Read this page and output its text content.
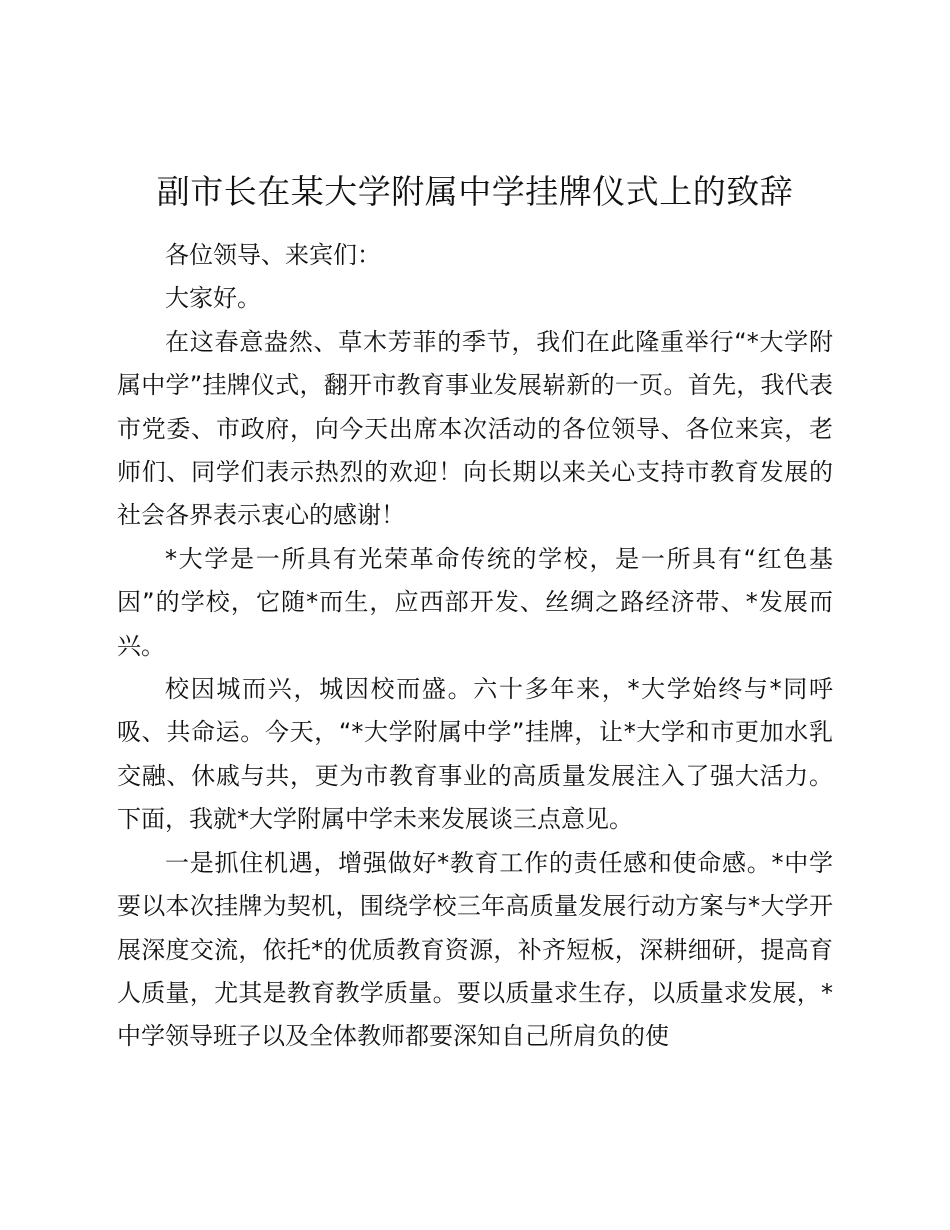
副市长在某大学附属中学挂牌仪式上的致辞

各位领导、来宾们：

大家好。

在这春意盎然、草木芳菲的季节，我们在此隆重举行“*大学附属中学”挂牌仪式，翻开市教育事业发展崭新的一页。首先，我代表市党委、市政府，向今天出席本次活动的各位领导、各位来宾，老师们、同学们表示热烈的欢迎！向长期以来关心支持市教育发展的社会各界表示衷心的感谢！

*大学是一所具有光荣革命传统的学校，是一所具有“红色基因”的学校，它随*而生，应西部开发、丝绸之路经济带、*发展而兴。

校因城而兴，城因校而盛。六十多年来，*大学始终与*同呼吸、共命运。今天，“*大学附属中学”挂牌，让*大学和市更加水乳交融、休戚与共，更为市教育事业的高质量发展注入了强大活力。下面，我就*大学附属中学未来发展谈三点意见。

一是抓住机遇，增强做好*教育工作的责任感和使命感。*中学要以本次挂牌为契机，围绕学校三年高质量发展行动方案与*大学开展深度交流，依托*的优质教育资源，补齐短板，深耕细研，提高育人质量，尤其是教育教学质量。要以质量求生存，以质量求发展，*中学领导班子以及全体教师都要深知自己所肩负的使
